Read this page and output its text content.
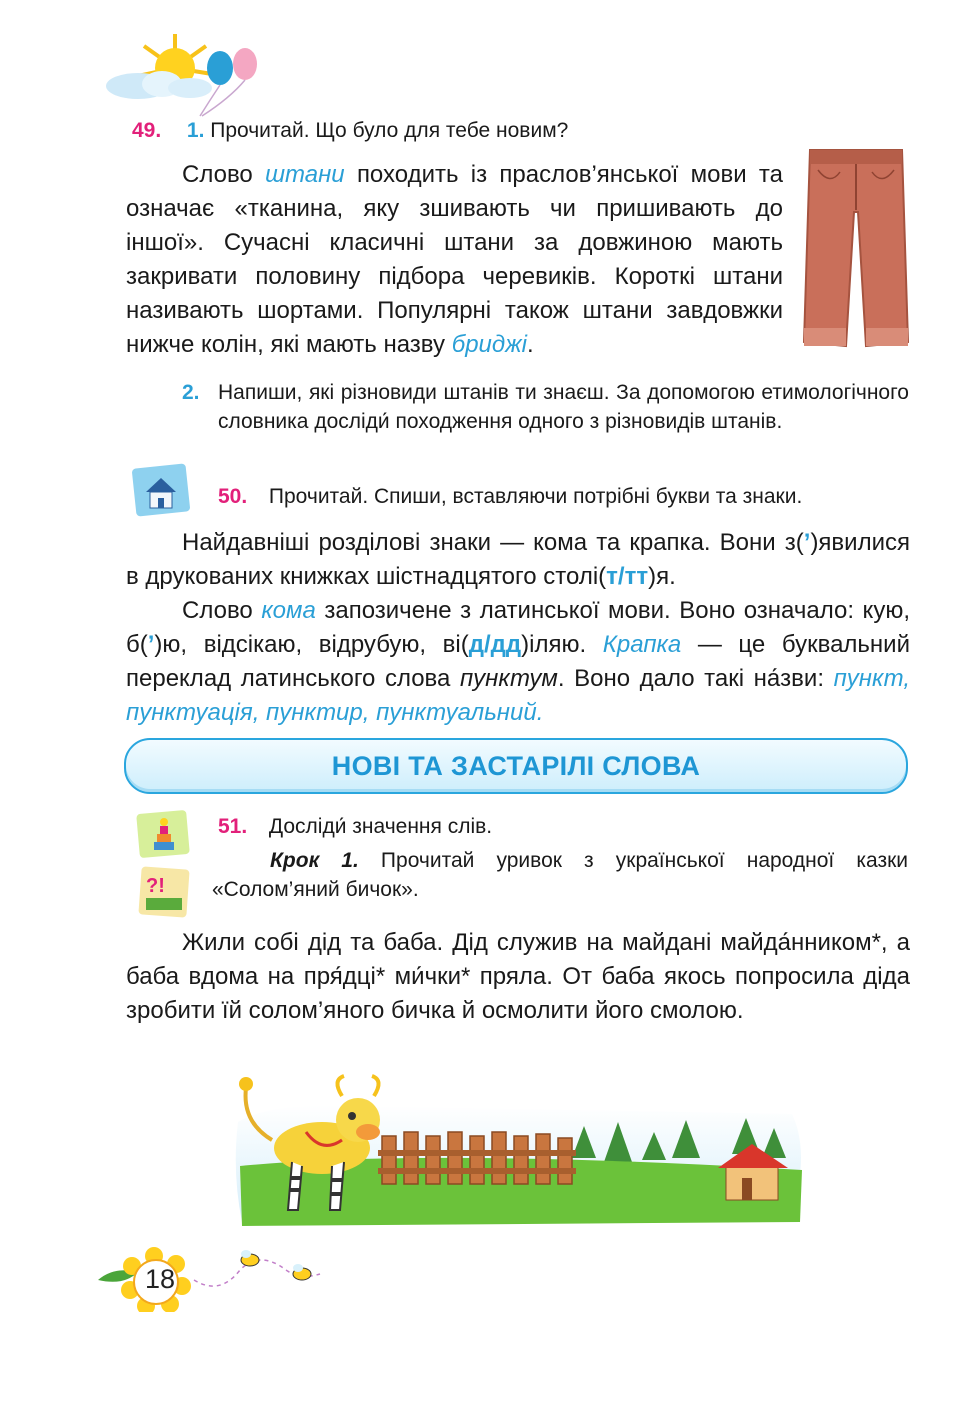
49. 1. Прочитай. Що було для тебе новим?

Слово штани походить із праслов’янської мови та означає «тканина, яку зшивають чи пришивають до іншої». Сучасні класичні штани за довжиною мають закривати половину підбора черевиків. Короткі штани називають шортами. Популярні також штани завдовжки нижче колін, які мають назву бриджі.

2. Напиши, які різновиди штанів ти знаєш. За допомогою етимологічного словника досліди́ походження одного з різновидів штанів.

50. Прочитай. Спиши, вставляючи потрібні букви та знаки.

Найдавніші розділові знаки — кома та крапка. Вони з(’)явилися в друкованих книжках шістнадцятого столі(т/тт)я.

Слово кома запозичене з латинської мови. Воно означало: кую, б(’)ю, відсікаю, відрубую, ві(д/дд)іляю. Крапка — це буквальний переклад латинського слова пунктум. Воно дало такі на́зви: пункт, пунктуація, пунктир, пунктуальний.

НОВІ ТА ЗАСТАРІЛІ СЛОВА
?!
51. Досліди́ значення слів.

Крок 1. Прочитай уривок з української народної казки «Солом’яний бичок».

Жили собі дід та баба. Дід служив на майдані майда́нником*, а баба вдома на пря́дці* ми́чки* пряла. От баба якось попросила діда зробити їй солом’яного бичка й осмолити його смолою.

18
